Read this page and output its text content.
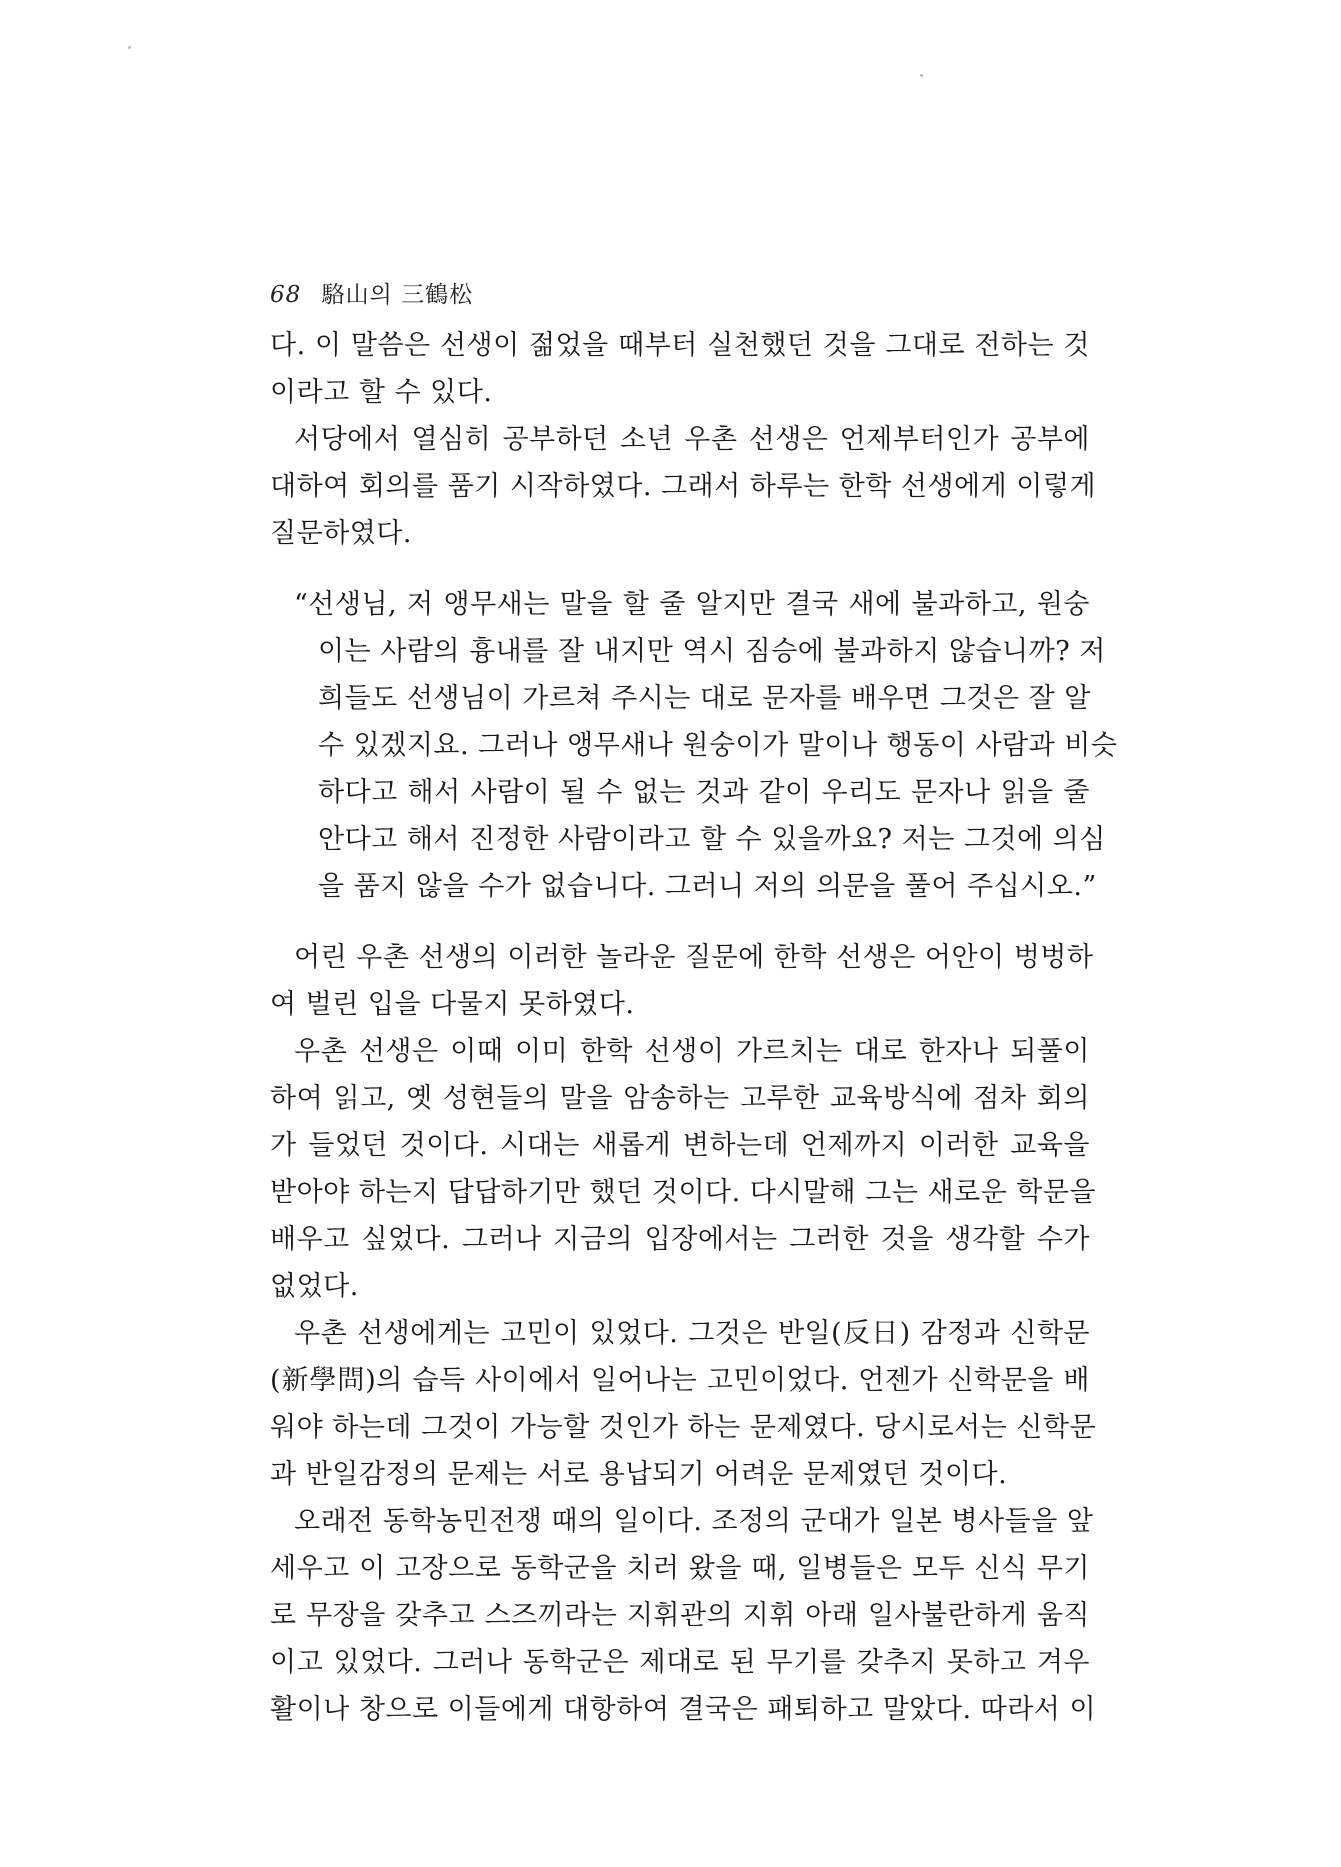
68 駱山의 三鶴松
다. 이 말씀은 선생이 젊었을 때부터 실천했던 것을 그대로 전하는 것
이라고 할 수 있다.
서당에서 열심히 공부하던 소년 우촌 선생은 언제부터인가 공부에
대하여 회의를 품기 시작하였다. 그래서 하루는 한학 선생에게 이렇게
질문하였다.
“선생님, 저 앵무새는 말을 할 줄 알지만 결국 새에 불과하고, 원숭
이는 사람의 흉내를 잘 내지만 역시 짐승에 불과하지 않습니까? 저
희들도 선생님이 가르쳐 주시는 대로 문자를 배우면 그것은 잘 알
수 있겠지요. 그러나 앵무새나 원숭이가 말이나 행동이 사람과 비슷
하다고 해서 사람이 될 수 없는 것과 같이 우리도 문자나 읽을 줄
안다고 해서 진정한 사람이라고 할 수 있을까요? 저는 그것에 의심
을 품지 않을 수가 없습니다. 그러니 저의 의문을 풀어 주십시오.”
어린 우촌 선생의 이러한 놀라운 질문에 한학 선생은 어안이 벙벙하
여 벌린 입을 다물지 못하였다.
우촌 선생은 이때 이미 한학 선생이 가르치는 대로 한자나 되풀이
하여 읽고, 옛 성현들의 말을 암송하는 고루한 교육방식에 점차 회의
가 들었던 것이다. 시대는 새롭게 변하는데 언제까지 이러한 교육을
받아야 하는지 답답하기만 했던 것이다. 다시말해 그는 새로운 학문을
배우고 싶었다. 그러나 지금의 입장에서는 그러한 것을 생각할 수가
없었다.
우촌 선생에게는 고민이 있었다. 그것은 반일(反日) 감정과 신학문
(新學問)의 습득 사이에서 일어나는 고민이었다. 언젠가 신학문을 배
워야 하는데 그것이 가능할 것인가 하는 문제였다. 당시로서는 신학문
과 반일감정의 문제는 서로 용납되기 어려운 문제였던 것이다.
오래전 동학농민전쟁 때의 일이다. 조정의 군대가 일본 병사들을 앞
세우고 이 고장으로 동학군을 치러 왔을 때, 일병들은 모두 신식 무기
로 무장을 갖추고 스즈끼라는 지휘관의 지휘 아래 일사불란하게 움직
이고 있었다. 그러나 동학군은 제대로 된 무기를 갖추지 못하고 겨우
활이나 창으로 이들에게 대항하여 결국은 패퇴하고 말았다. 따라서 이
